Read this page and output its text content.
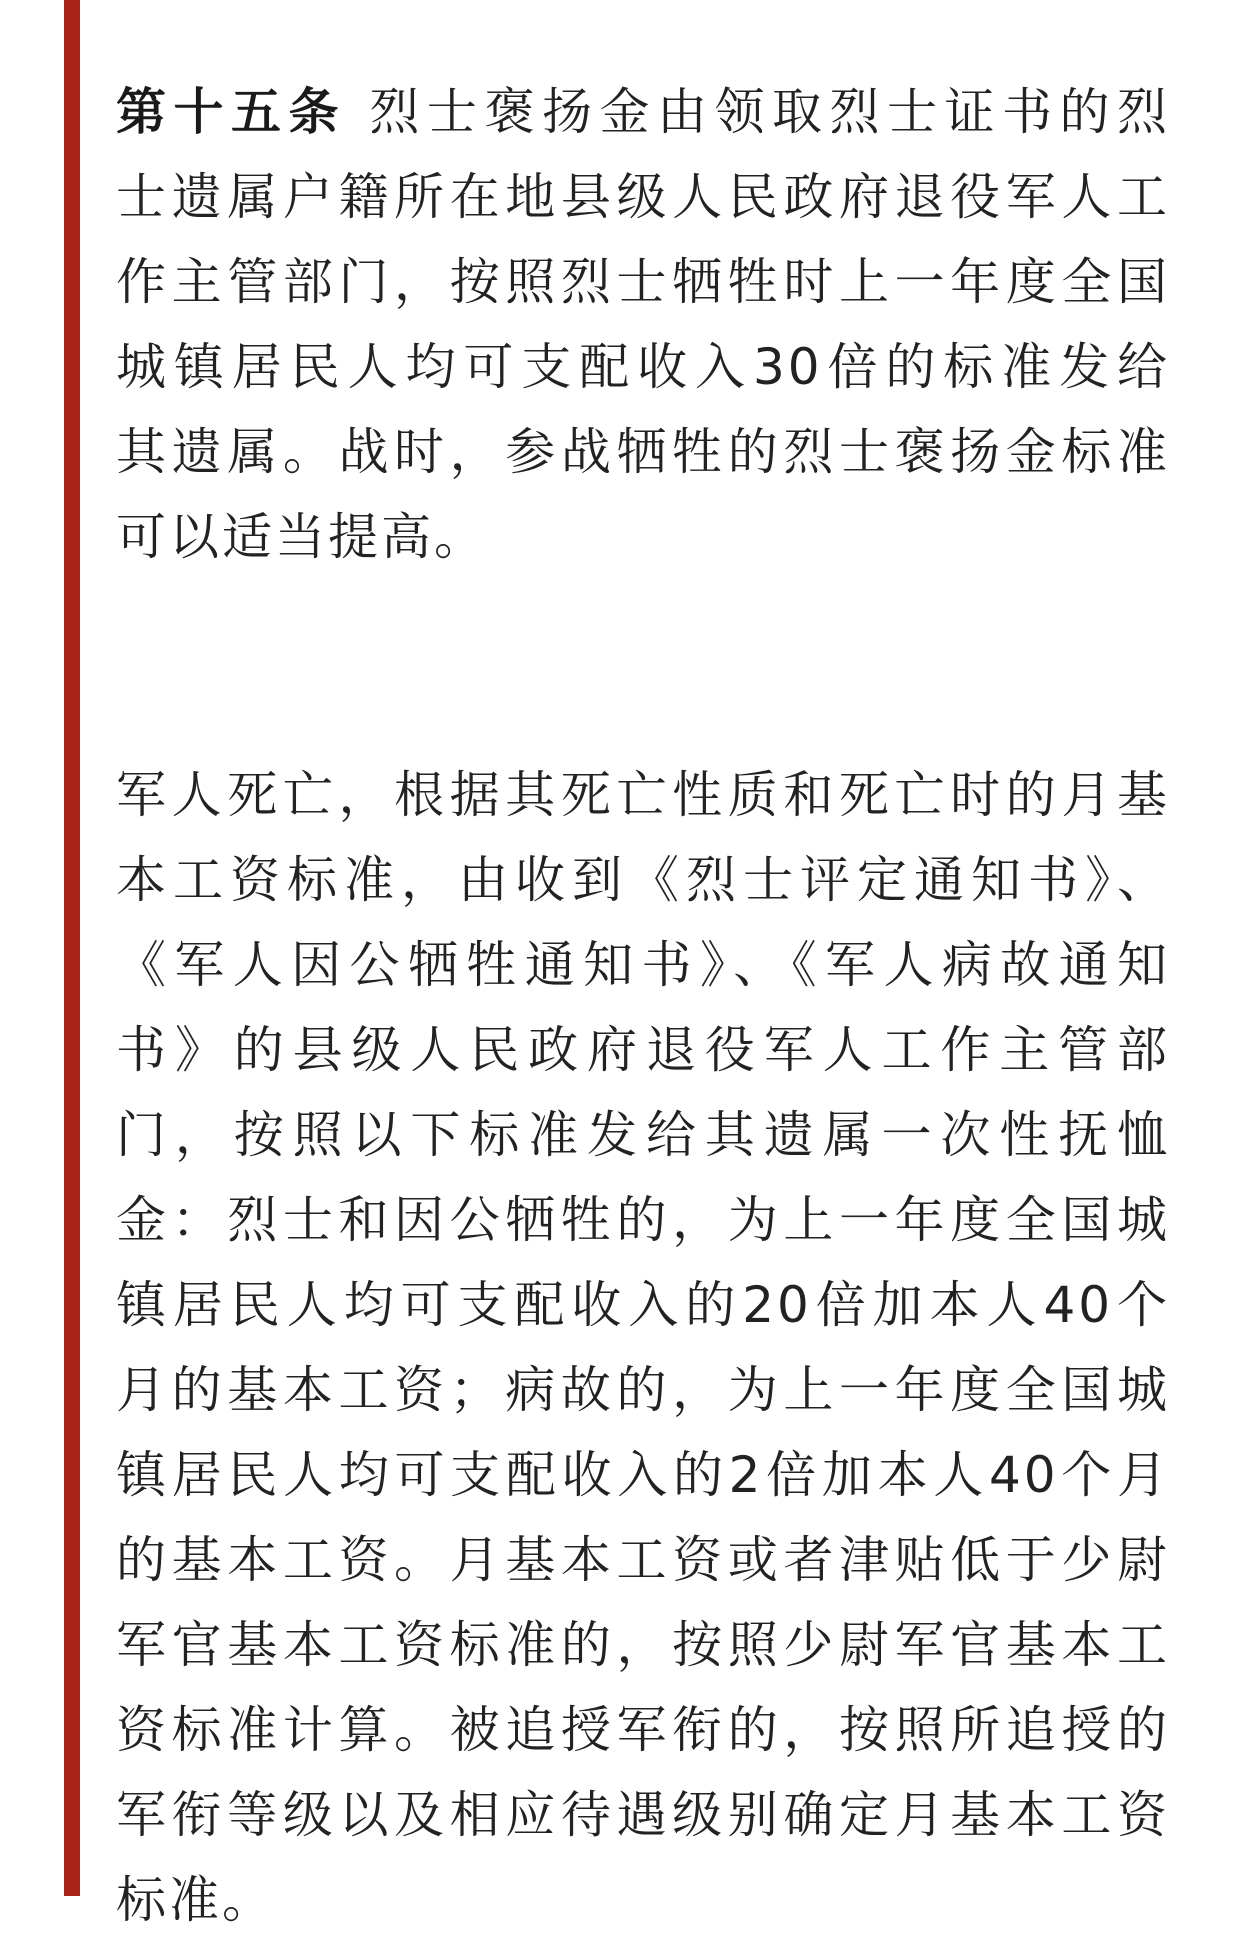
第十五条 烈士褒扬金由领取烈士证书的烈
士遗属户籍所在地县级人民政府退役军人工
作主管部门，按照烈士牺牲时上一年度全国
城镇居民人均可支配收入30倍的标准发给
其遗属。战时，参战牺牲的烈士褒扬金标准
可以适当提高。
军人死亡，根据其死亡性质和死亡时的月基
本工资标准，由收到《烈士评定通知书》、
《军人因公牺牲通知书》、《军人病故通知
书》的县级人民政府退役军人工作主管部
门，按照以下标准发给其遗属一次性抚恤
金：烈士和因公牺牲的，为上一年度全国城
镇居民人均可支配收入的20倍加本人40个
月的基本工资；病故的，为上一年度全国城
镇居民人均可支配收入的2倍加本人40个月
的基本工资。月基本工资或者津贴低于少尉
军官基本工资标准的，按照少尉军官基本工
资标准计算。被追授军衔的，按照所追授的
军衔等级以及相应待遇级别确定月基本工资
标准。
